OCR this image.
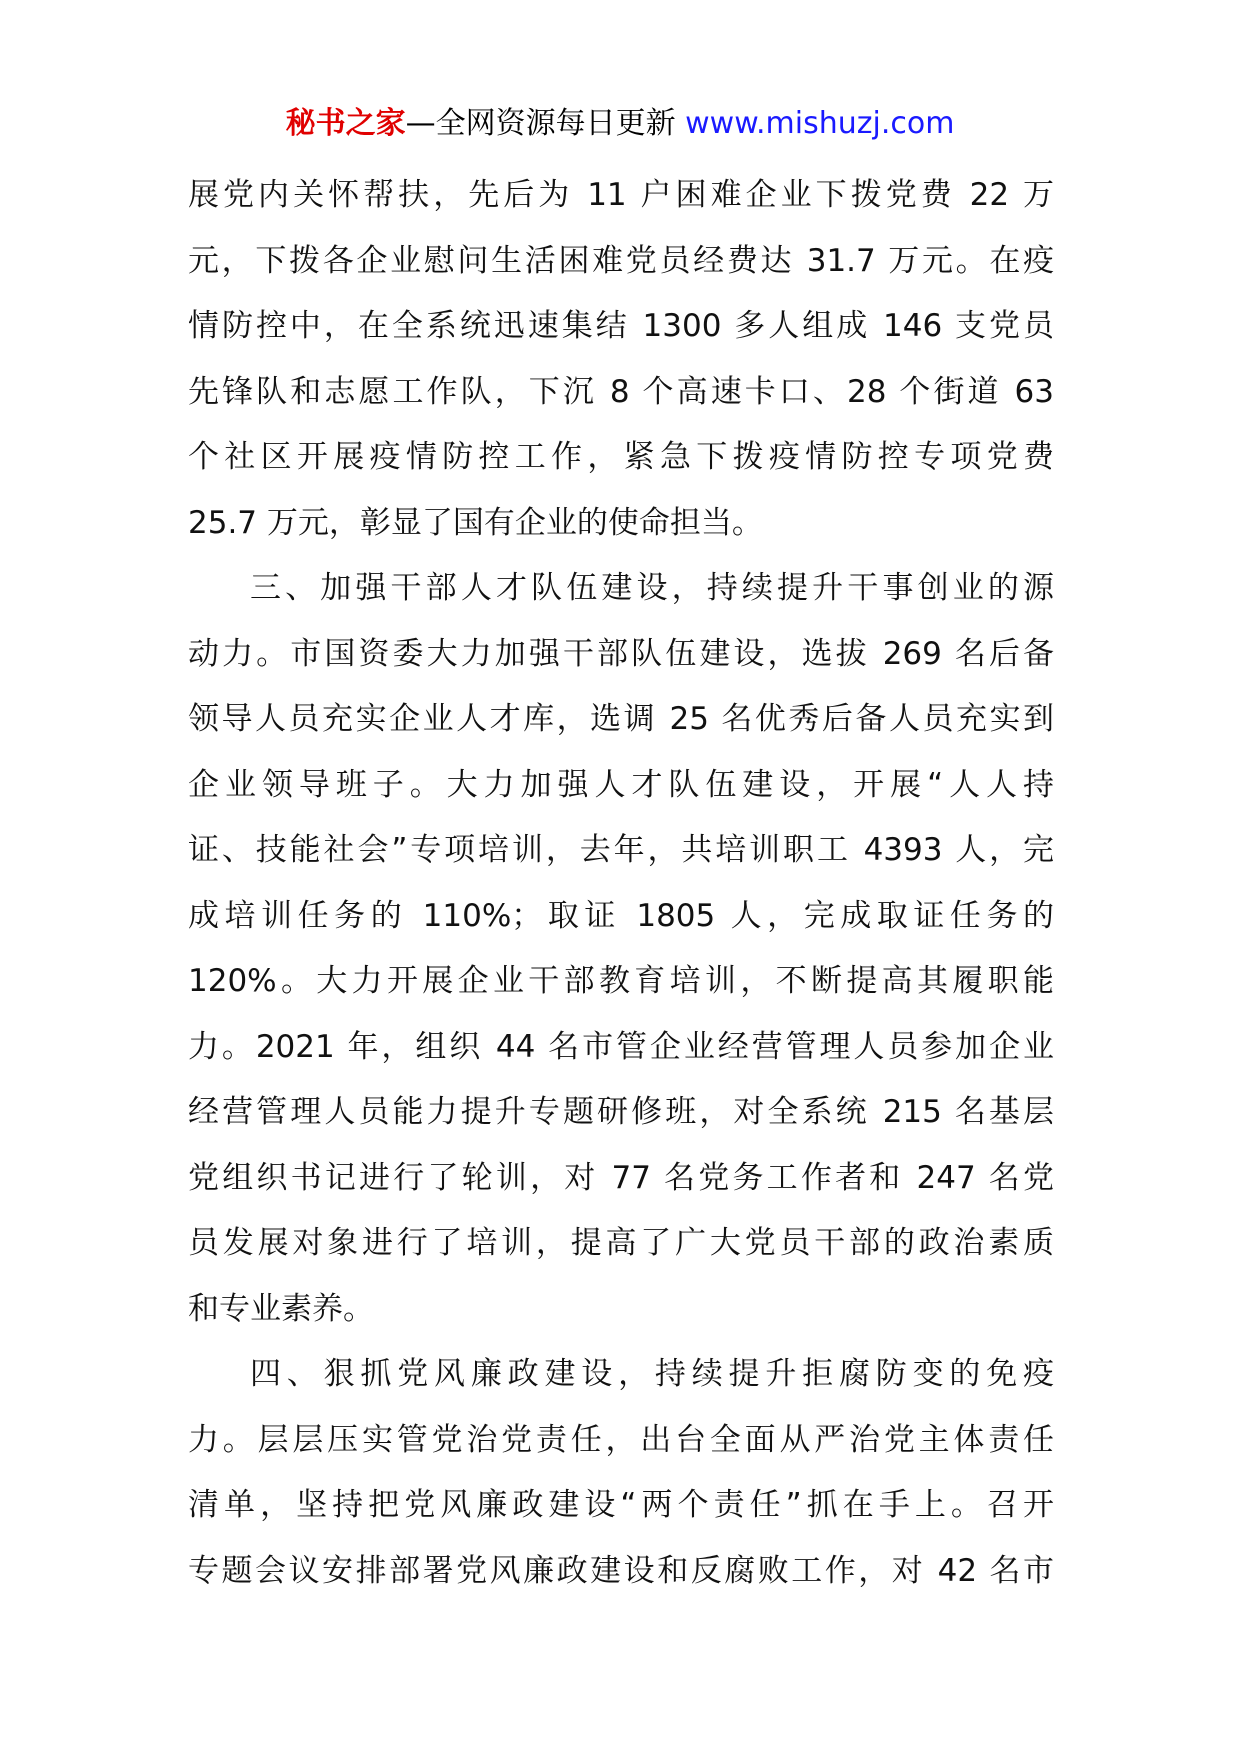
秘书之家—全网资源每日更新 www.mishuzj.com
展党内关怀帮扶，先后为 11 户困难企业下拨党费 22 万
元，下拨各企业慰问生活困难党员经费达 31.7 万元。在疫
情防控中，在全系统迅速集结 1300 多人组成 146 支党员
先锋队和志愿工作队，下沉 8 个高速卡口、28 个街道 63
个社区开展疫情防控工作，紧急下拨疫情防控专项党费
25.7 万元，彰显了国有企业的使命担当。
三、加强干部人才队伍建设，持续提升干事创业的源
动力。市国资委大力加强干部队伍建设，选拔 269 名后备
领导人员充实企业人才库，选调 25 名优秀后备人员充实到
企业领导班子。大力加强人才队伍建设，开展“人人持
证、技能社会”专项培训，去年，共培训职工 4393 人，完
成培训任务的 110%；取证 1805 人，完成取证任务的
120%。大力开展企业干部教育培训，不断提高其履职能
力。2021 年，组织 44 名市管企业经营管理人员参加企业
经营管理人员能力提升专题研修班，对全系统 215 名基层
党组织书记进行了轮训，对 77 名党务工作者和 247 名党
员发展对象进行了培训，提高了广大党员干部的政治素质
和专业素养。
四、狠抓党风廉政建设，持续提升拒腐防变的免疫
力。层层压实管党治党责任，出台全面从严治党主体责任
清单，坚持把党风廉政建设“两个责任”抓在手上。召开
专题会议安排部署党风廉政建设和反腐败工作，对 42 名市
